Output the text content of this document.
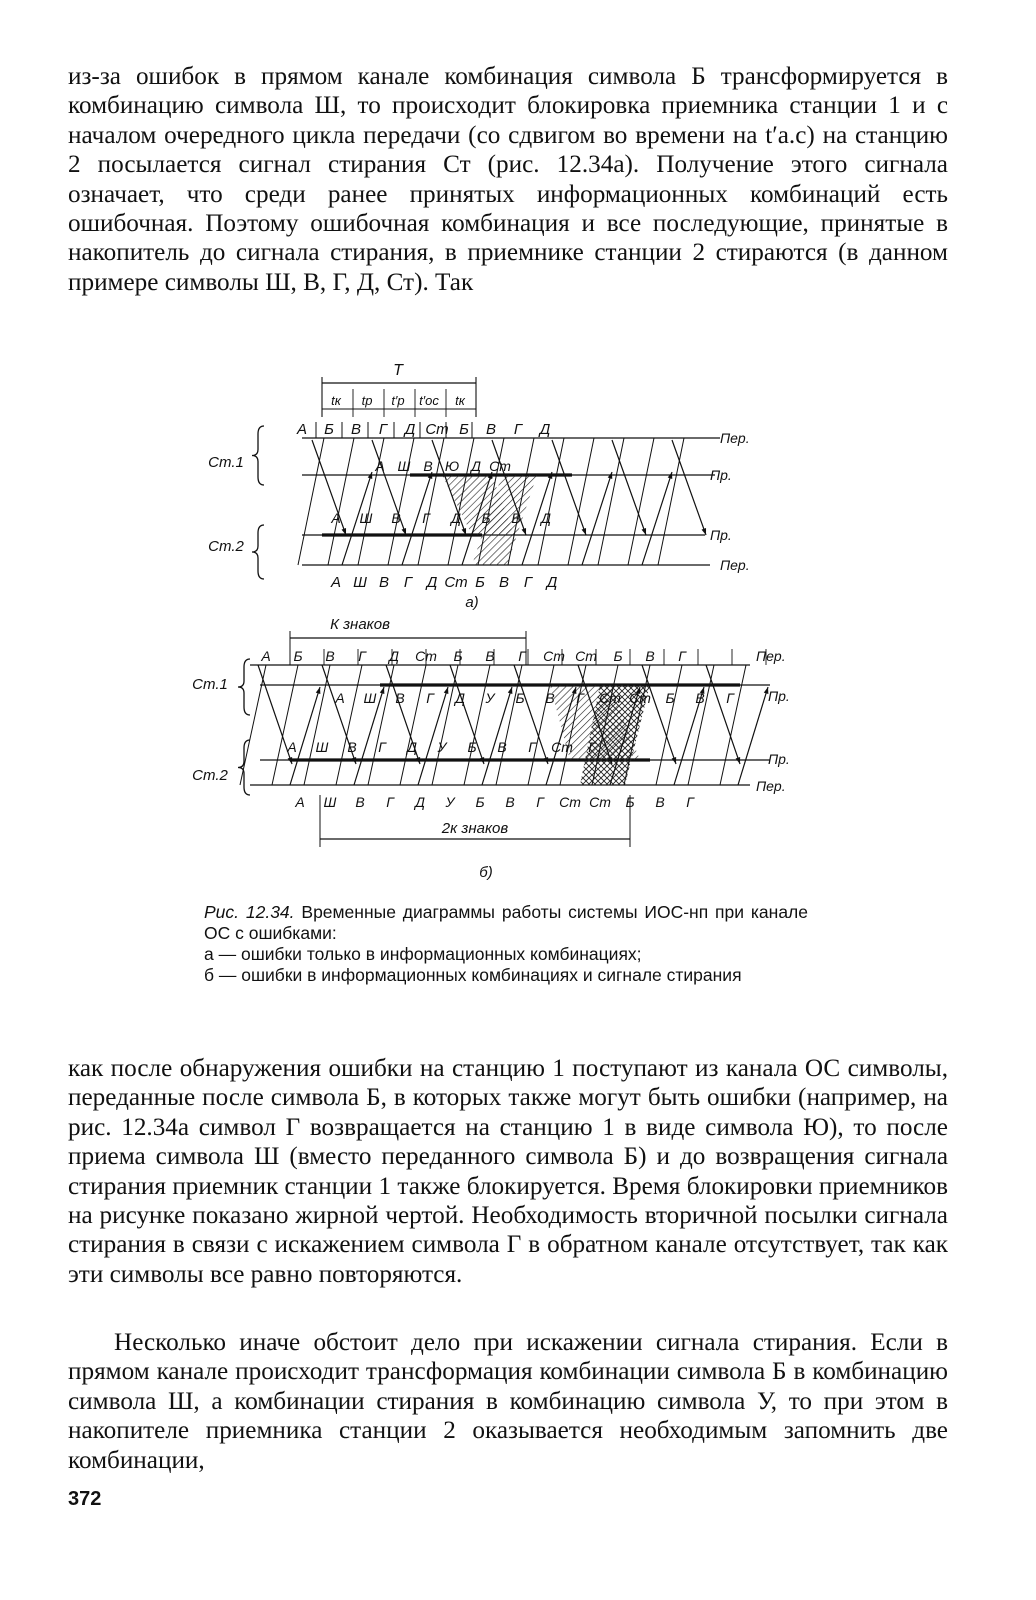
из-за ошибок в прямом канале комбинация символа Б трансформируется в комбинацию символа Ш, то происходит блокировка приемника станции 1 и с началом очередного цикла передачи (со сдвигом во времени на t′а.с) на станцию 2 посылается сигнал стирания Ст (рис. 12.34а). Получение этого сигнала означает, что среди ранее принятых информационных комбинаций есть ошибочная. Поэтому ошибочная комбинация и все последующие, принятые в накопитель до сигнала стирания, в приемнике станции 2 стираются (в данном примере символы Ш, В, Г, Д, Ст). Так

T
tк tр t′р t′ос tк
А Б В Г Д Ст Б В Г Д
А Ш В Ю Д Ст
А Ш В Г Д Б В Д
А Ш В Г Д Ст Б В Г Д
а)
Ст.1
Ст.2
Пер.
Пр.
Пр.
Пер.
К знаков
А Б В Г Д Ст Б В Г Ст Ст Б В Г
А Ш В Г Д У Б В Г Ст Ст Б В Г
А Ш В Г Д У Б В Г Ст Г
А Ш В Г Д У Б В Г Ст Ст Б В Г
2к знаков
б)
Ст.1
Ст.2
Пер.
Пр.
Пр.
Пер.
Рис. 12.34. Временные диаграммы работы системы ИОС-нп при канале ОС с ошибками:
а — ошибки только в информационных комбинациях;
б — ошибки в информационных комбинациях и сигнале стирания

как после обнаружения ошибки на станцию 1 поступают из канала ОС символы, переданные после символа Б, в которых также могут быть ошибки (например, на рис. 12.34а символ Г возвращается на станцию 1 в виде символа Ю), то после приема символа Ш (вместо переданного символа Б) и до возвращения сигнала стирания приемник станции 1 также блокируется. Время блокировки приемников на рисунке показано жирной чертой. Необходимость вторичной посылки сигнала стирания в связи с искажением символа Г в обратном канале отсутствует, так как эти символы все равно повторяются.

Несколько иначе обстоит дело при искажении сигнала стирания. Если в прямом канале происходит трансформация комбинации символа Б в комбинацию символа Ш, а комбинации стирания в комбинацию символа У, то при этом в накопителе приемника станции 2 оказывается необходимым запомнить две комбинации,

372
